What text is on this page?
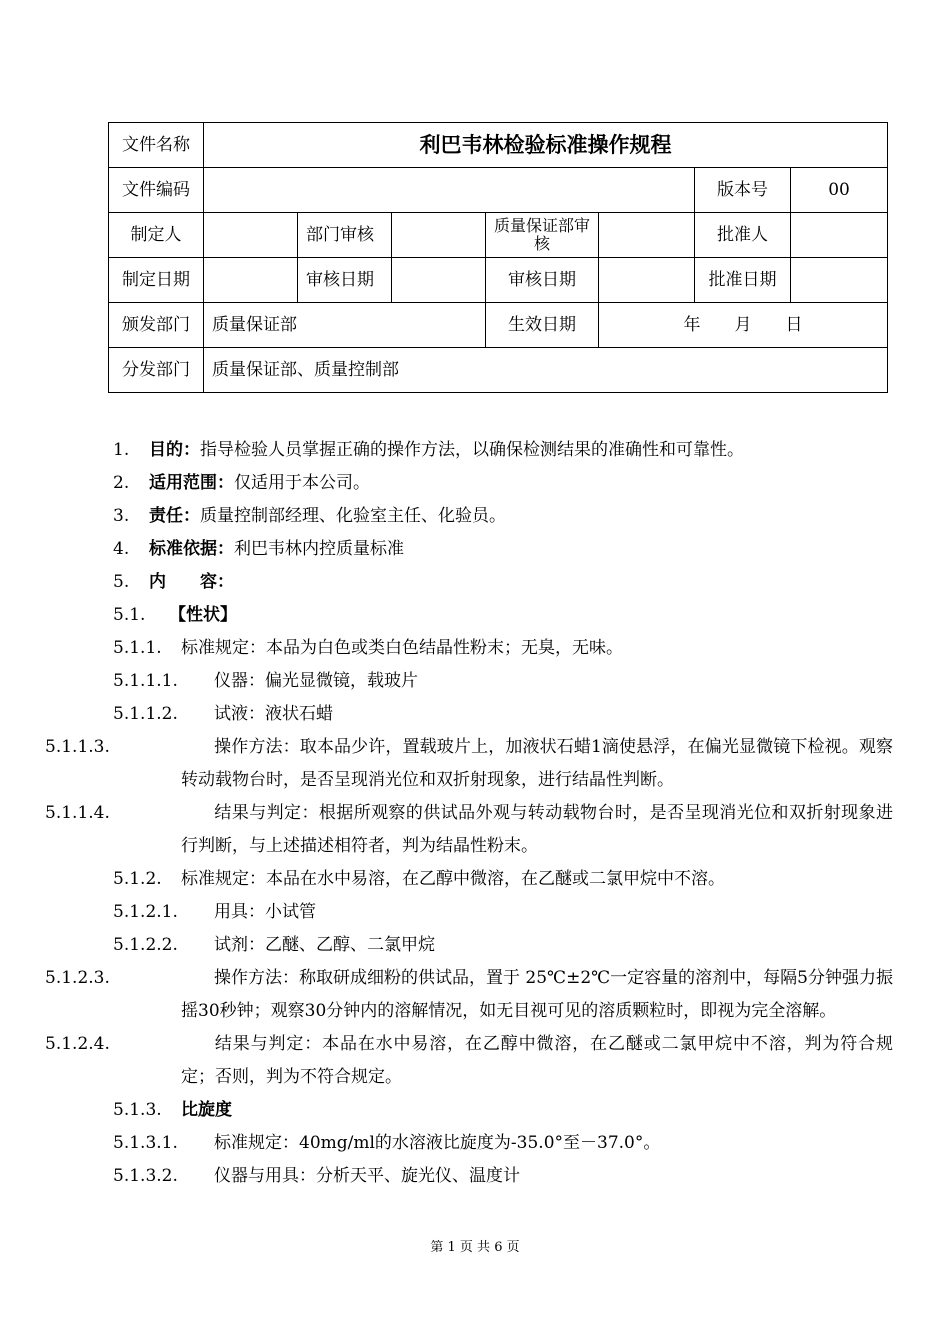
文件名称	利巴韦林检验标准操作规程						
文件编码						版本号	00
制定人		部门审核		质量保证部审核		批准人	
制定日期		审核日期		审核日期		批准日期	
颁发部门	质量保证部			生效日期	年　　月　　日		
分发部门	质量保证部、质量控制部						
1. 目的：指导检验人员掌握正确的操作方法，以确保检测结果的准确性和可靠性。
2. 适用范围：仅适用于本公司。
3. 责任：质量控制部经理、化验室主任、化验员。
4. 标准依据：利巴韦林内控质量标准
5. 内　　容：
5.1. 【性状】
5.1.1. 标准规定：本品为白色或类白色结晶性粉末；无臭，无味。
5.1.1.1. 仪器：偏光显微镜，载玻片
5.1.1.2. 试液：液状石蜡
5.1.1.3.	操作方法：取本品少许，置载玻片上，加液状石蜡1滴使悬浮，在偏光显微镜下检视。观察转动载物台时，是否呈现消光位和双折射现象，进行结晶性判断。
5.1.1.4.	结果与判定：根据所观察的供试品外观与转动载物台时，是否呈现消光位和双折射现象进行判断，与上述描述相符者，判为结晶性粉末。
5.1.2. 标准规定：本品在水中易溶，在乙醇中微溶，在乙醚或二氯甲烷中不溶。
5.1.2.1. 用具：小试管
5.1.2.2. 试剂：乙醚、乙醇、二氯甲烷
5.1.2.3.	操作方法：称取研成细粉的供试品，置于 25℃±2℃一定容量的溶剂中，每隔5分钟强力振摇30秒钟；观察30分钟内的溶解情况，如无目视可见的溶质颗粒时，即视为完全溶解。
5.1.2.4.	结果与判定：本品在水中易溶，在乙醇中微溶，在乙醚或二氯甲烷中不溶，判为符合规定；否则，判为不符合规定。
5.1.3. 比旋度
5.1.3.1. 标准规定：40mg/ml的水溶液比旋度为-35.0°至－37.0°。
5.1.3.2. 仪器与用具：分析天平、旋光仪、温度计
第 1 页 共 6 页
